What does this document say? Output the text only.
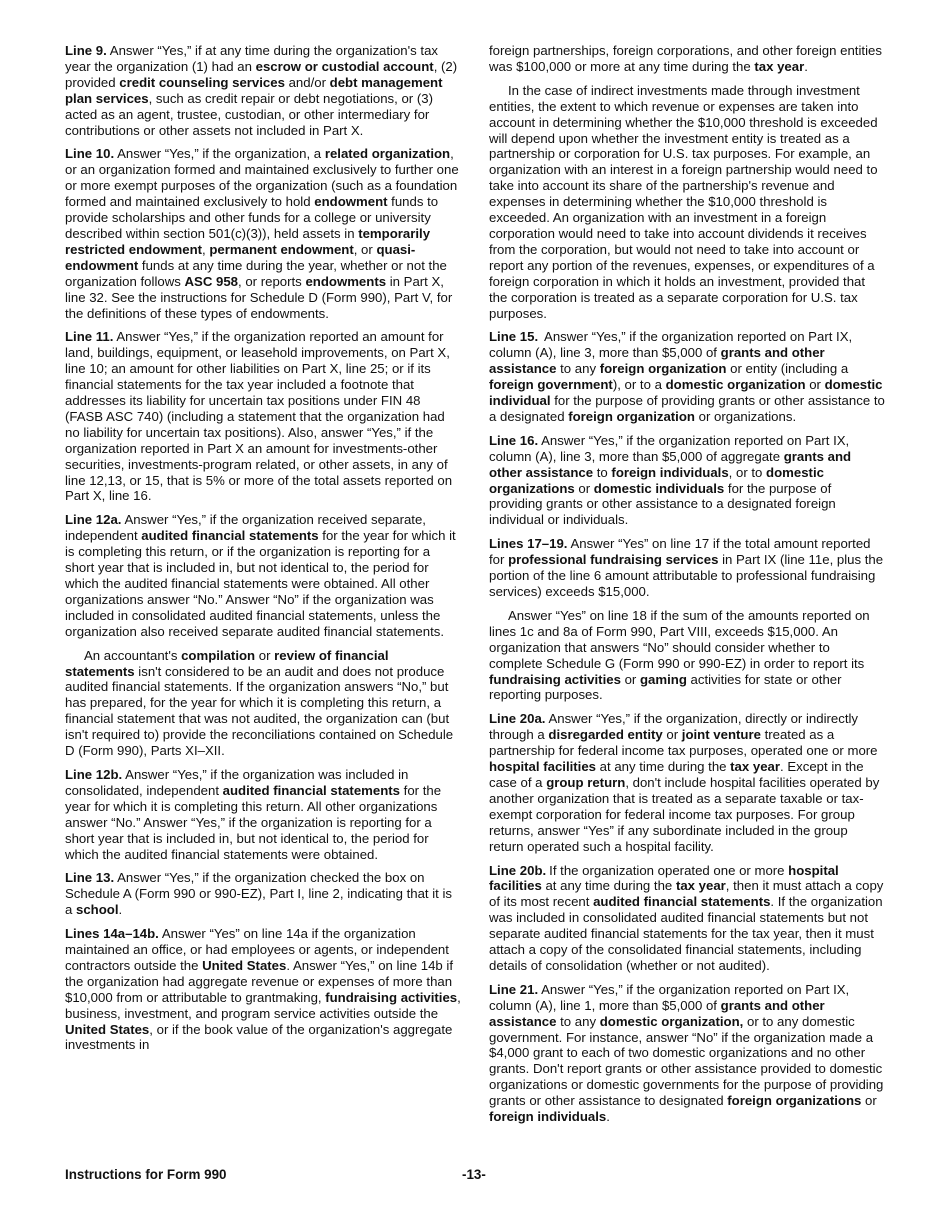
Line 9. Answer “Yes,” if at any time during the organization's tax year the organization (1) had an escrow or custodial account, (2) provided credit counseling services and/or debt management plan services, such as credit repair or debt negotiations, or (3) acted as an agent, trustee, custodian, or other intermediary for contributions or other assets not included in Part X.

Line 10. Answer “Yes,” if the organization, a related organization, or an organization formed and maintained exclusively to further one or more exempt purposes of the organization (such as a foundation formed and maintained exclusively to hold endowment funds to provide scholarships and other funds for a college or university described within section 501(c)(3)), held assets in temporarily restricted endowment, permanent endowment, or quasi-endowment funds at any time during the year, whether or not the organization follows ASC 958, or reports endowments in Part X, line 32. See the instructions for Schedule D (Form 990), Part V, for the definitions of these types of endowments.

Line 11. Answer “Yes,” if the organization reported an amount for land, buildings, equipment, or leasehold improvements, on Part X, line 10; an amount for other liabilities on Part X, line 25; or if its financial statements for the tax year included a footnote that addresses its liability for uncertain tax positions under FIN 48 (FASB ASC 740) (including a statement that the organization had no liability for uncertain tax positions). Also, answer “Yes,” if the organization reported in Part X an amount for investments-other securities, investments-program related, or other assets, in any of line 12,13, or 15, that is 5% or more of the total assets reported on Part X, line 16.

Line 12a. Answer “Yes,” if the organization received separate, independent audited financial statements for the year for which it is completing this return, or if the organization is reporting for a short year that is included in, but not identical to, the period for which the audited financial statements were obtained. All other organizations answer “No.” Answer “No” if the organization was included in consolidated audited financial statements, unless the organization also received separate audited financial statements.

An accountant's compilation or review of financial statements isn't considered to be an audit and does not produce audited financial statements. If the organization answers “No,” but has prepared, for the year for which it is completing this return, a financial statement that was not audited, the organization can (but isn't required to) provide the reconciliations contained on Schedule D (Form 990), Parts XI–XII.

Line 12b. Answer “Yes,” if the organization was included in consolidated, independent audited financial statements for the year for which it is completing this return. All other organizations answer “No.” Answer “Yes,” if the organization is reporting for a short year that is included in, but not identical to, the period for which the audited financial statements were obtained.

Line 13. Answer “Yes,” if the organization checked the box on Schedule A (Form 990 or 990-EZ), Part I, line 2, indicating that it is a school.

Lines 14a–14b. Answer “Yes” on line 14a if the organization maintained an office, or had employees or agents, or independent contractors outside the United States. Answer “Yes,” on line 14b if the organization had aggregate revenue or expenses of more than $10,000 from or attributable to grantmaking, fundraising activities, business, investment, and program service activities outside the United States, or if the book value of the organization's aggregate investments in

foreign partnerships, foreign corporations, and other foreign entities was $100,000 or more at any time during the tax year.

In the case of indirect investments made through investment entities, the extent to which revenue or expenses are taken into account in determining whether the $10,000 threshold is exceeded will depend upon whether the investment entity is treated as a partnership or corporation for U.S. tax purposes. For example, an organization with an interest in a foreign partnership would need to take into account its share of the partnership's revenue and expenses in determining whether the $10,000 threshold is exceeded. An organization with an investment in a foreign corporation would need to take into account dividends it receives from the corporation, but would not need to take into account or report any portion of the revenues, expenses, or expenditures of a foreign corporation in which it holds an investment, provided that the corporation is treated as a separate corporation for U.S. tax purposes.

Line 15. Answer “Yes,” if the organization reported on Part IX, column (A), line 3, more than $5,000 of grants and other assistance to any foreign organization or entity (including a foreign government), or to a domestic organization or domestic individual for the purpose of providing grants or other assistance to a designated foreign organization or organizations.

Line 16. Answer “Yes,” if the organization reported on Part IX, column (A), line 3, more than $5,000 of aggregate grants and other assistance to foreign individuals, or to domestic organizations or domestic individuals for the purpose of providing grants or other assistance to a designated foreign individual or individuals.

Lines 17–19. Answer “Yes” on line 17 if the total amount reported for professional fundraising services in Part IX (line 11e, plus the portion of the line 6 amount attributable to professional fundraising services) exceeds $15,000.

Answer “Yes” on line 18 if the sum of the amounts reported on lines 1c and 8a of Form 990, Part VIII, exceeds $15,000. An organization that answers “No” should consider whether to complete Schedule G (Form 990 or 990-EZ) in order to report its fundraising activities or gaming activities for state or other reporting purposes.

Line 20a. Answer “Yes,” if the organization, directly or indirectly through a disregarded entity or joint venture treated as a partnership for federal income tax purposes, operated one or more hospital facilities at any time during the tax year. Except in the case of a group return, don't include hospital facilities operated by another organization that is treated as a separate taxable or tax-exempt corporation for federal income tax purposes. For group returns, answer “Yes” if any subordinate included in the group return operated such a hospital facility.

Line 20b. If the organization operated one or more hospital facilities at any time during the tax year, then it must attach a copy of its most recent audited financial statements. If the organization was included in consolidated audited financial statements but not separate audited financial statements for the tax year, then it must attach a copy of the consolidated financial statements, including details of consolidation (whether or not audited).

Line 21. Answer “Yes,” if the organization reported on Part IX, column (A), line 1, more than $5,000 of grants and other assistance to any domestic organization, or to any domestic government. For instance, answer “No” if the organization made a $4,000 grant to each of two domestic organizations and no other grants. Don't report grants or other assistance provided to domestic organizations or domestic governments for the purpose of providing grants or other assistance to designated foreign organizations or foreign individuals.

Instructions for Form 990	-13-
